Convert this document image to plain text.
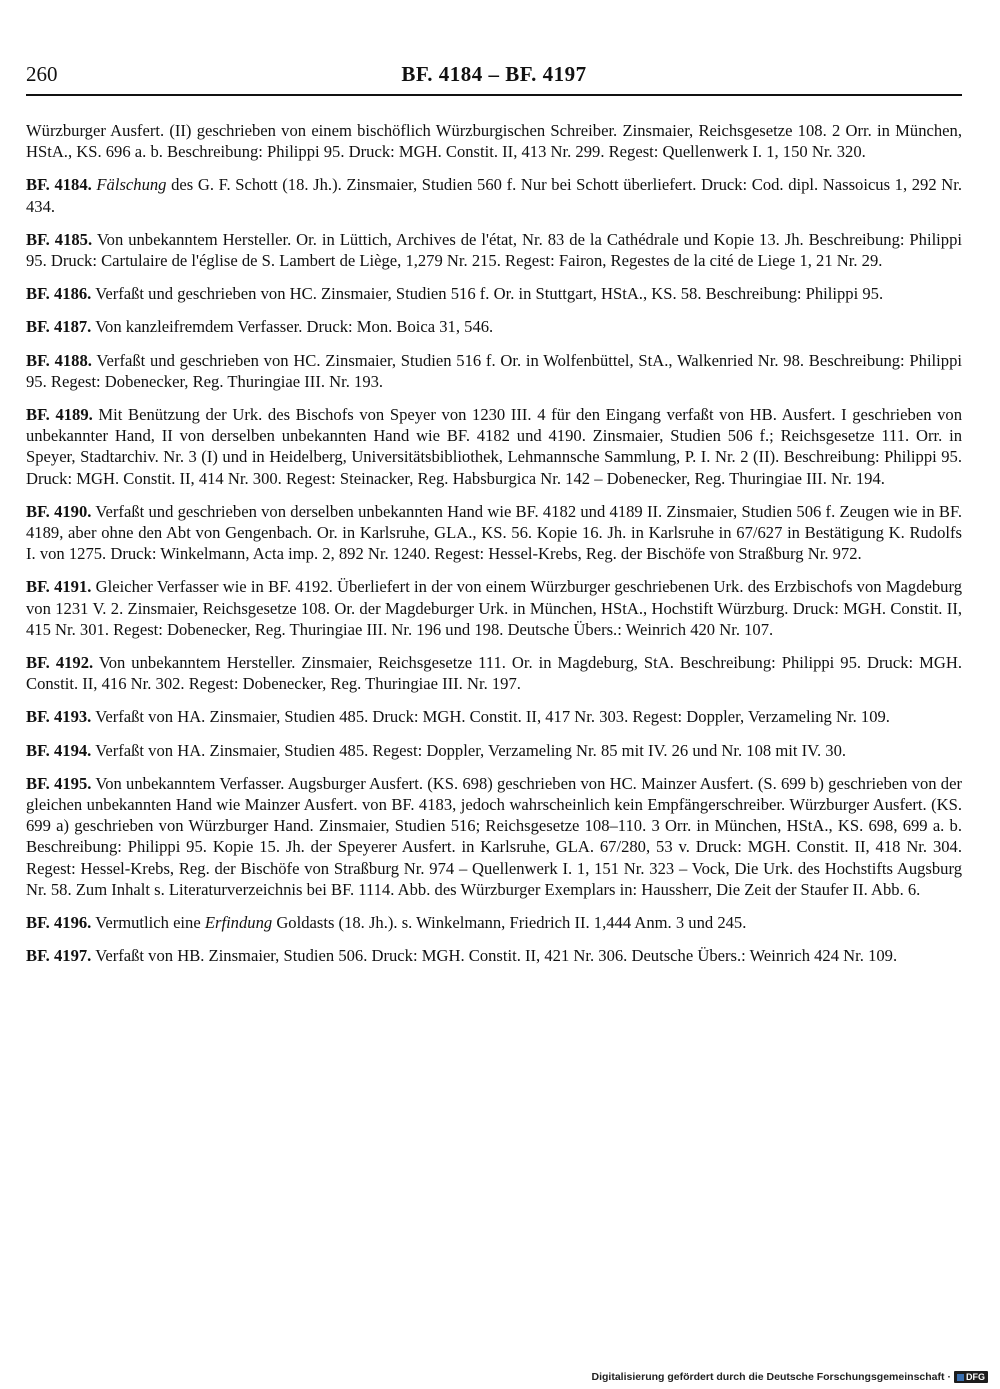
260	BF. 4184 – BF. 4197

Würzburger Ausfert. (II) geschrieben von einem bischöflich Würzburgischen Schreiber. Zinsmaier, Reichsgesetze 108. 2 Orr. in München, HStA., KS. 696 a. b. Beschreibung: Philippi 95. Druck: MGH. Constit. II, 413 Nr. 299. Regest: Quellenwerk I. 1, 150 Nr. 320.

BF. 4184. Fälschung des G. F. Schott (18. Jh.). Zinsmaier, Studien 560 f. Nur bei Schott überliefert. Druck: Cod. dipl. Nassoicus 1, 292 Nr. 434.

BF. 4185. Von unbekanntem Hersteller. Or. in Lüttich, Archives de l'état, Nr. 83 de la Cathédrale und Kopie 13. Jh. Beschreibung: Philippi 95. Druck: Cartulaire de l'église de S. Lambert de Liège, 1,279 Nr. 215. Regest: Fairon, Regestes de la cité de Liege 1, 21 Nr. 29.

BF. 4186. Verfaßt und geschrieben von HC. Zinsmaier, Studien 516 f. Or. in Stuttgart, HStA., KS. 58. Beschreibung: Philippi 95.

BF. 4187. Von kanzleifremdem Verfasser. Druck: Mon. Boica 31, 546.

BF. 4188. Verfaßt und geschrieben von HC. Zinsmaier, Studien 516 f. Or. in Wolfenbüttel, StA., Walkenried Nr. 98. Beschreibung: Philippi 95. Regest: Dobenecker, Reg. Thuringiae III. Nr. 193.

BF. 4189. Mit Benützung der Urk. des Bischofs von Speyer von 1230 III. 4 für den Eingang verfaßt von HB. Ausfert. I geschrieben von unbekannter Hand, II von derselben unbekannten Hand wie BF. 4182 und 4190. Zinsmaier, Studien 506 f.; Reichsgesetze 111. Orr. in Speyer, Stadtarchiv. Nr. 3 (I) und in Heidelberg, Universitätsbibliothek, Lehmannsche Sammlung, P. I. Nr. 2 (II). Beschreibung: Philippi 95. Druck: MGH. Constit. II, 414 Nr. 300. Regest: Steinacker, Reg. Habsburgica Nr. 142 – Dobenecker, Reg. Thuringiae III. Nr. 194.

BF. 4190. Verfaßt und geschrieben von derselben unbekannten Hand wie BF. 4182 und 4189 II. Zinsmaier, Studien 506 f. Zeugen wie in BF. 4189, aber ohne den Abt von Gengenbach. Or. in Karlsruhe, GLA., KS. 56. Kopie 16. Jh. in Karlsruhe in 67/627 in Bestätigung K. Rudolfs I. von 1275. Druck: Winkelmann, Acta imp. 2, 892 Nr. 1240. Regest: Hessel-Krebs, Reg. der Bischöfe von Straßburg Nr. 972.

BF. 4191. Gleicher Verfasser wie in BF. 4192. Überliefert in der von einem Würzburger geschriebenen Urk. des Erzbischofs von Magdeburg von 1231 V. 2. Zinsmaier, Reichsgesetze 108. Or. der Magdeburger Urk. in München, HStA., Hochstift Würzburg. Druck: MGH. Constit. II, 415 Nr. 301. Regest: Dobenecker, Reg. Thuringiae III. Nr. 196 und 198. Deutsche Übers.: Weinrich 420 Nr. 107.

BF. 4192. Von unbekanntem Hersteller. Zinsmaier, Reichsgesetze 111. Or. in Magdeburg, StA. Beschreibung: Philippi 95. Druck: MGH. Constit. II, 416 Nr. 302. Regest: Dobenecker, Reg. Thuringiae III. Nr. 197.

BF. 4193. Verfaßt von HA. Zinsmaier, Studien 485. Druck: MGH. Constit. II, 417 Nr. 303. Regest: Doppler, Verzameling Nr. 109.

BF. 4194. Verfaßt von HA. Zinsmaier, Studien 485. Regest: Doppler, Verzameling Nr. 85 mit IV. 26 und Nr. 108 mit IV. 30.

BF. 4195. Von unbekanntem Verfasser. Augsburger Ausfert. (KS. 698) geschrieben von HC. Mainzer Ausfert. (S. 699 b) geschrieben von der gleichen unbekannten Hand wie Mainzer Ausfert. von BF. 4183, jedoch wahrscheinlich kein Empfängerschreiber. Würzburger Ausfert. (KS. 699 a) geschrieben von Würzburger Hand. Zinsmaier, Studien 516; Reichsgesetze 108–110. 3 Orr. in München, HStA., KS. 698, 699 a. b. Beschreibung: Philippi 95. Kopie 15. Jh. der Speyerer Ausfert. in Karlsruhe, GLA. 67/280, 53 v. Druck: MGH. Constit. II, 418 Nr. 304. Regest: Hessel-Krebs, Reg. der Bischöfe von Straßburg Nr. 974 – Quellenwerk I. 1, 151 Nr. 323 – Vock, Die Urk. des Hochstifts Augsburg Nr. 58. Zum Inhalt s. Literaturverzeichnis bei BF. 1114. Abb. des Würzburger Exemplars in: Haussherr, Die Zeit der Staufer II. Abb. 6.

BF. 4196. Vermutlich eine Erfindung Goldasts (18. Jh.). s. Winkelmann, Friedrich II. 1,444 Anm. 3 und 245.

BF. 4197. Verfaßt von HB. Zinsmaier, Studien 506. Druck: MGH. Constit. II, 421 Nr. 306. Deutsche Übers.: Weinrich 424 Nr. 109.

Digitalisierung gefördert durch die Deutsche Forschungsgemeinschaft · DFG
